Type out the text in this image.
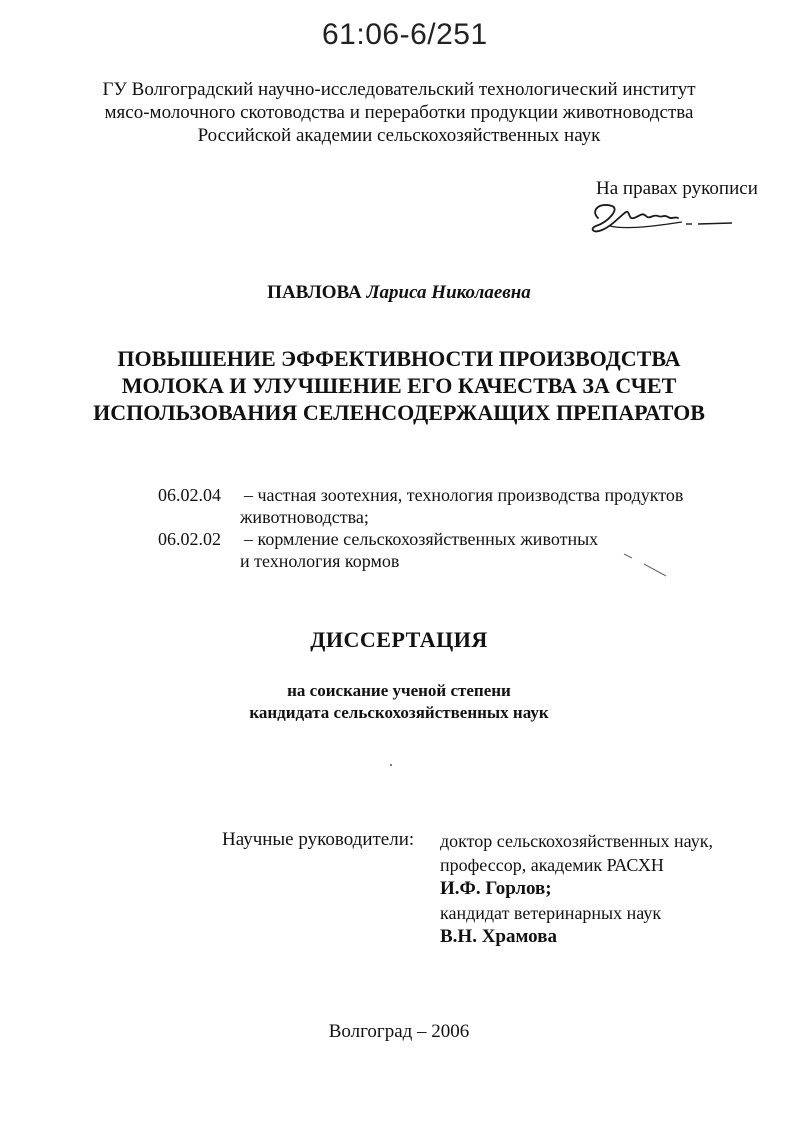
61:06-6/251
ГУ Волгоградский научно-исследовательский технологический институт
мясо-молочного скотоводства и переработки продукции животноводства
Российской академии сельскохозяйственных наук
На правах рукописи
ПАВЛОВА Лариса Николаевна
ПОВЫШЕНИЕ ЭФФЕКТИВНОСТИ ПРОИЗВОДСТВА
МОЛОКА И УЛУЧШЕНИЕ ЕГО КАЧЕСТВА ЗА СЧЕТ
ИСПОЛЬЗОВАНИЯ СЕЛЕНСОДЕРЖАЩИХ ПРЕПАРАТОВ
06.02.04	– частная зоотехния, технология производства продуктов
животноводства;
06.02.02	– кормление сельскохозяйственных животных
и технология кормов
ДИССЕРТАЦИЯ
на соискание ученой степени
кандидата сельскохозяйственных наук
Научные руководители: доктор сельскохозяйственных наук,
профессор, академик РАСХН
И.Ф. Горлов;
кандидат ветеринарных наук
В.Н. Храмова
Волгоград – 2006
